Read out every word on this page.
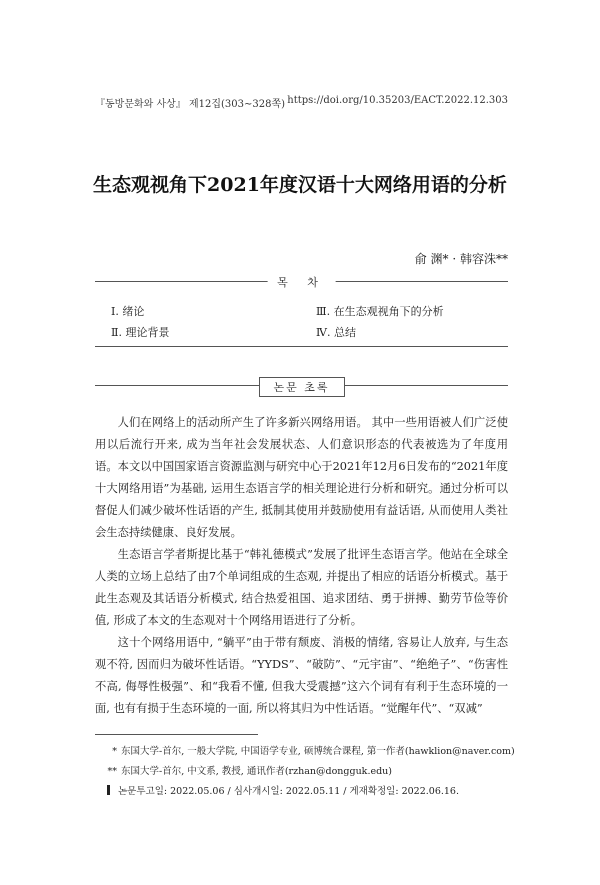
『동방문화와 사상』 제12집(303∼328쪽) https://doi.org/10.35203/EACT.2022.12.303
生态观视角下2021年度汉语十大网络用语的分析
俞 渊* · 韩容洙**
목 차
Ⅰ. 绪论
Ⅱ. 理论背景
Ⅲ. 在生态观视角下的分析
Ⅳ. 总结
논문 초록

人们在网络上的活动所产生了许多新兴网络用语。 其中一些用语被人们广泛使用以后流行开来, 成为当年社会发展状态、人们意识形态的代表被选为了年度用语。本文以中国国家语言资源监测与研究中心于2021年12月6日发布的“2021年度十大网络用语”为基础, 运用生态语言学的相关理论进行分析和研究。通过分析可以督促人们减少破坏性话语的产生, 抵制其使用并鼓励使用有益话语, 从而使用人类社会生态持续健康、良好发展。

生态语言学者斯提比基于“韩礼德模式”发展了批评生态语言学。他站在全球全人类的立场上总结了由7个单词组成的生态观, 并提出了相应的话语分析模式。基于此生态观及其话语分析模式, 结合热爱祖国、追求团结、勇于拼搏、勤劳节俭等价值, 形成了本文的生态观对十个网络用语进行了分析。

这十个网络用语中, “躺平”由于带有颓废、消极的情绪, 容易让人放弃, 与生态观不符, 因而归为破坏性话语。“YYDS”、“破防”、“元宇宙”、“绝绝子”、“伤害性不高, 侮辱性极强”、和“我看不懂, 但我大受震撼”这六个词有有利于生态环境的一面, 也有有损于生态环境的一面, 所以将其归为中性话语。“觉醒年代”、“双减”

* 东国大学-首尔, 一般大学院, 中国语学专业, 硕博统合课程, 第一作者(hawklion@naver.com)
** 东国大学-首尔, 中文系, 教授, 通讯作者(rzhan@dongguk.edu)
논문투고일: 2022.05.06 / 심사개시일: 2022.05.11 / 게재확정일: 2022.06.16.
